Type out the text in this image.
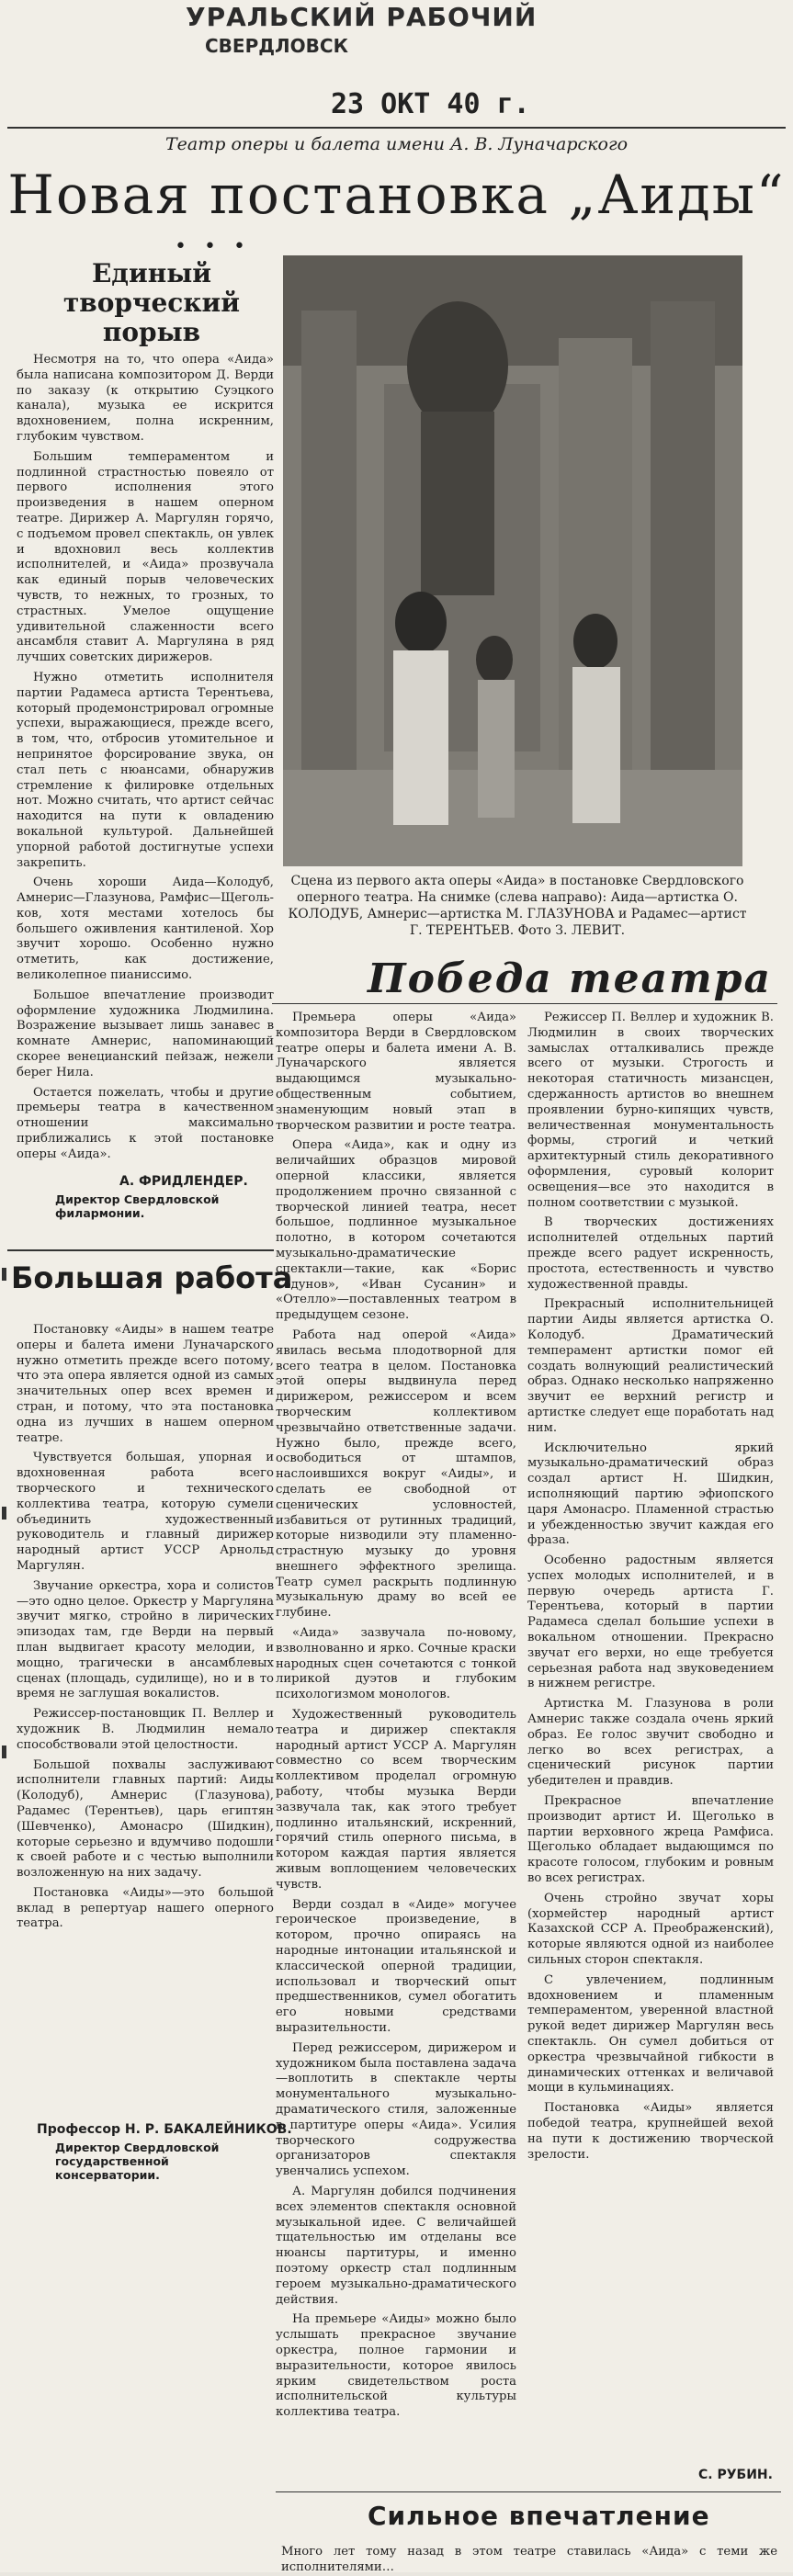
УРАЛЬСКИЙ РАБОЧИЙ
СВЕРДЛОВСК
23 ОКТ 40 г.
Театр оперы и балета имени А. В. Луначарского
Новая постановка „Аиды“
• • •
Единый творческий порыв

Несмотря на то, что опера «Аида» была написана композитором Д. Верди по заказу (к открытию Суэцкого канала), музыка ее искрится вдохновением, полна искренним, глубоким чувством.

Большим темпераментом и подлинной страстностью повеяло от первого исполнения этого произведения в нашем оперном театре. Дирижер А. Маргулян горячо, с подъемом провел спектакль, он увлек и вдохновил весь коллектив исполнителей, и «Аида» прозвучала как единый порыв человеческих чувств, то нежных, то грозных, то страстных. Умелое ощущение удивительной слаженности всего ансамбля ставит А. Маргуляна в ряд лучших советских дирижеров.

Нужно отметить исполнителя партии Радамеса артиста Терентьева, который продемонстрировал огромные успехи, выражающиеся, прежде всего, в том, что, отбросив утомительное и непринятое форсирование звука, он стал петь с нюансами, обнаружив стремление к филировке отдельных нот. Можно считать, что артист сейчас находится на пути к овладению вокальной культурой. Дальнейшей упорной работой достигнутые успехи закрепить.

Очень хороши Аида—Колодуб, Амнерис—Глазунова, Рамфис—Щегольков, хотя местами хотелось бы большего оживления кантиленой. Хор звучит хорошо. Особенно нужно отметить, как достижение, великолепное пианиссимо.

Большое впечатление производит оформление художника Людмилина. Возражение вызывает лишь занавес в комнате Амнерис, напоминающий скорее венецианский пейзаж, нежели берег Нила.

Остается пожелать, чтобы и другие премьеры театра в качественном отношении максимально приближались к этой постановке оперы «Аида».

А. ФРИДЛЕНДЕР.
Директор Свердловской филармонии.
Сцена из первого акта оперы «Аида» в постановке Свердловского оперного театра. На снимке (слева направо): Аида—артистка О. КОЛОДУБ, Амнерис—артистка М. ГЛАЗУНОВА и Радамес—артист Г. ТЕРЕНТЬЕВ. Фото З. ЛЕВИТ.
Победа театра
Большая работа

Постановку «Аиды» в нашем театре оперы и балета имени Луначарского нужно отметить прежде всего потому, что эта опера является одной из самых значительных опер всех времен и стран, и потому, что эта постановка одна из лучших в нашем оперном театре.

Чувствуется большая, упорная и вдохновенная работа всего творческого и технического коллектива театра, которую сумели объединить художественный руководитель и главный дирижер народный артист УССР Арнольд Маргулян.

Звучание оркестра, хора и солистов—это одно целое. Оркестр у Маргуляна звучит мягко, стройно в лирических эпизодах там, где Верди на первый план выдвигает красоту мелодии, и мощно, трагически в ансамблевых сценах (площадь, судилище), но и в то время не заглушая вокалистов.

Режиссер-постановщик П. Веллер и художник В. Людмилин немало способствовали этой целостности.

Большой похвалы заслуживают исполнители главных партий: Аиды (Колодуб), Амнерис (Глазунова), Радамес (Терентьев), царь египтян (Шевченко), Амонасро (Шидкин), которые серьезно и вдумчиво подошли к своей работе и с честью выполнили возложенную на них задачу.

Постановка «Аиды»—это большой вклад в репертуар нашего оперного театра.

Профессор Н. Р. БАКАЛЕЙНИКОВ.
Директор Свердловской государственной консерватории.

Премьера оперы «Аида» композитора Верди в Свердловском театре оперы и балета имени А. В. Луначарского является выдающимся музыкально-общественным событием, знаменующим новый этап в творческом развитии и росте театра.

Опера «Аида», как и одну из величайших образцов мировой оперной классики, является продолжением прочно связанной с творческой линией театра, несет большое, подлинное музыкальное полотно, в котором сочетаются музыкально-драматические спектакли—такие, как «Борис Годунов», «Иван Сусанин» и «Отелло»—поставленных театром в предыдущем сезоне.

Работа над оперой «Аида» явилась весьма плодотворной для всего театра в целом. Постановка этой оперы выдвинула перед дирижером, режиссером и всем творческим коллективом чрезвычайно ответственные задачи. Нужно было, прежде всего, освободиться от штампов, наслоившихся вокруг «Аиды», и сделать ее свободной от сценических условностей, избавиться от рутинных традиций, которые низводили эту пламенно-страстную музыку до уровня внешнего эффектного зрелища. Театр сумел раскрыть подлинную музыкальную драму во всей ее глубине.

«Аида» зазвучала по-новому, взволнованно и ярко. Сочные краски народных сцен сочетаются с тонкой лирикой дуэтов и глубоким психологизмом монологов.

Художественный руководитель театра и дирижер спектакля народный артист УССР А. Маргулян совместно со всем творческим коллективом проделал огромную работу, чтобы музыка Верди зазвучала так, как этого требует подлинно итальянский, искренний, горячий стиль оперного письма, в котором каждая партия является живым воплощением человеческих чувств.

Верди создал в «Аиде» могучее героическое произведение, в котором, прочно опираясь на народные интонации итальянской и классической оперной традиции, использовал и творческий опыт предшественников, сумел обогатить его новыми средствами выразительности.

Перед режиссером, дирижером и художником была поставлена задача—воплотить в спектакле черты монументального музыкально-драматического стиля, заложенные в партитуре оперы «Аида». Усилия творческого содружества организаторов спектакля увенчались успехом.

А. Маргулян добился подчинения всех элементов спектакля основной музыкальной идее. С величайшей тщательностью им отделаны все нюансы партитуры, и именно поэтому оркестр стал подлинным героем музыкально-драматического действия.

На премьере «Аиды» можно было услышать прекрасное звучание оркестра, полное гармонии и выразительности, которое явилось ярким свидетельством роста исполнительской культуры коллектива театра.

Режиссер П. Веллер и художник В. Людмилин в своих творческих замыслах отталкивались прежде всего от музыки. Строгость и некоторая статичность мизансцен, сдержанность артистов во внешнем проявлении бурно-кипящих чувств, величественная монументальность формы, строгий и четкий архитектурный стиль декоративного оформления, суровый колорит освещения—все это находится в полном соответствии с музыкой.

В творческих достижениях исполнителей отдельных партий прежде всего радует искренность, простота, естественность и чувство художественной правды.

Прекрасный исполнительницей партии Аиды является артистка О. Колодуб. Драматический темперамент артистки помог ей создать волнующий реалистический образ. Однако несколько напряженно звучит ее верхний регистр и артистке следует еще поработать над ним.

Исключительно яркий музыкально-драматический образ создал артист Н. Шидкин, исполняющий партию эфиопского царя Амонасро. Пламенной страстью и убежденностью звучит каждая его фраза.

Особенно радостным является успех молодых исполнителей, и в первую очередь артиста Г. Терентьева, который в партии Радамеса сделал большие успехи в вокальном отношении. Прекрасно звучат его верхи, но еще требуется серьезная работа над звуковедением в нижнем регистре.

Артистка М. Глазунова в роли Амнерис также создала очень яркий образ. Ее голос звучит свободно и легко во всех регистрах, а сценический рисунок партии убедителен и правдив.

Прекрасное впечатление производит артист И. Щеголько в партии верховного жреца Рамфиса. Щеголько обладает выдающимся по красоте голосом, глубоким и ровным во всех регистрах.

Очень стройно звучат хоры (хормейстер народный артист Казахской ССР А. Преображенский), которые являются одной из наиболее сильных сторон спектакля.

С увлечением, подлинным вдохновением и пламенным темпераментом, уверенной властной рукой ведет дирижер Маргулян весь спектакль. Он сумел добиться от оркестра чрезвычайной гибкости в динамических оттенках и величавой мощи в кульминациях.

Постановка «Аиды» является победой театра, крупнейшей вехой на пути к достижению творческой зрелости.

С. РУБИН.
Сильное впечатление
Много лет тому назад в этом театре ставилась «Аида» с теми же исполнителями…
